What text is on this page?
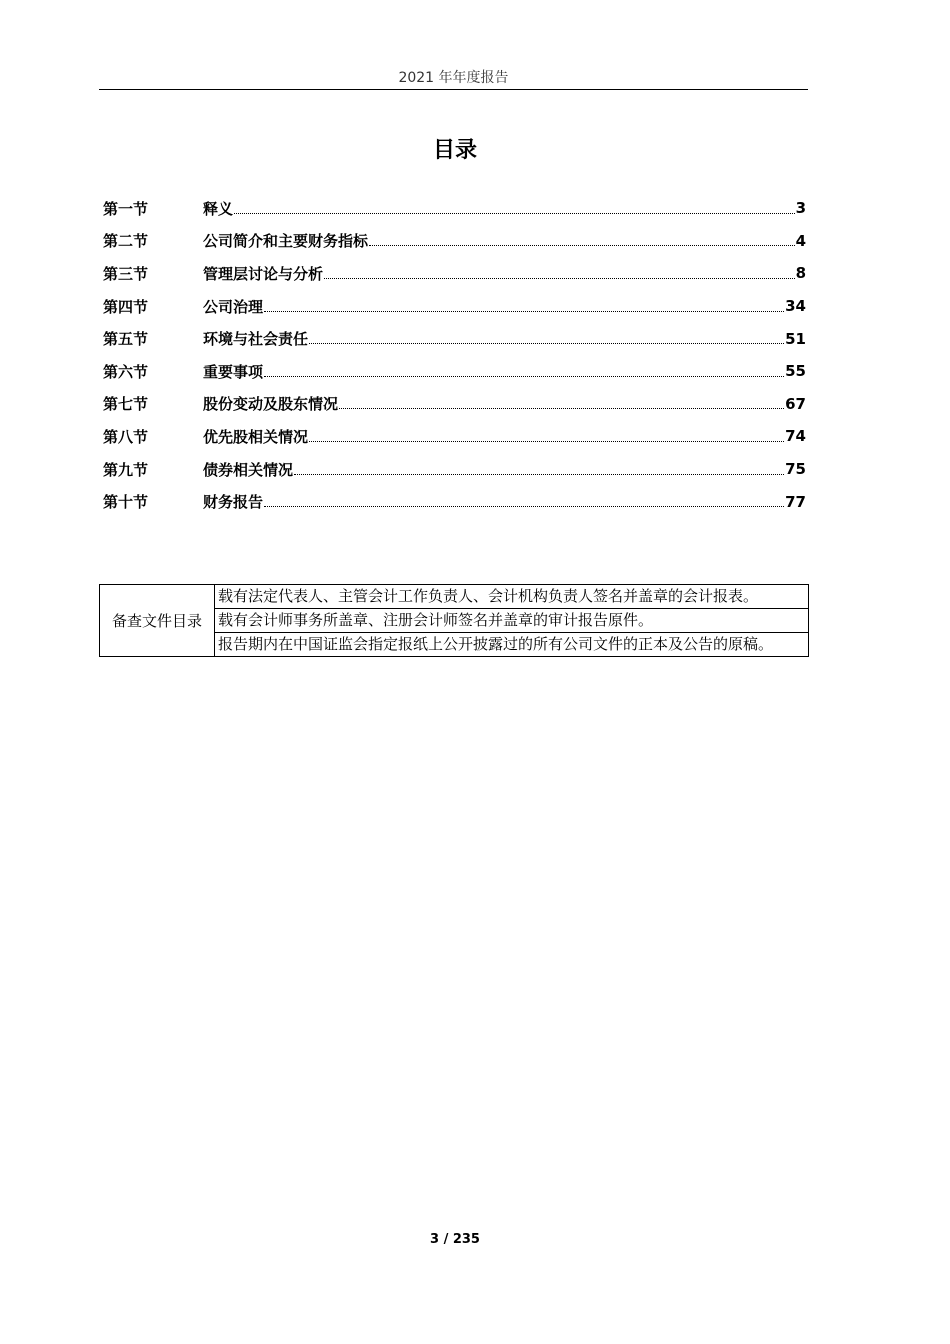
2021 年年度报告
目录
第一节	释义	3
第二节	公司简介和主要财务指标	4
第三节	管理层讨论与分析	8
第四节	公司治理	34
第五节	环境与社会责任	51
第六节	重要事项	55
第七节	股份变动及股东情况	67
第八节	优先股相关情况	74
第九节	债券相关情况	75
第十节	财务报告	77
备查文件目录	载有法定代表人、主管会计工作负责人、会计机构负责人签名并盖章的会计报表。
载有会计师事务所盖章、注册会计师签名并盖章的审计报告原件。
报告期内在中国证监会指定报纸上公开披露过的所有公司文件的正本及公告的原稿。
3 / 235
